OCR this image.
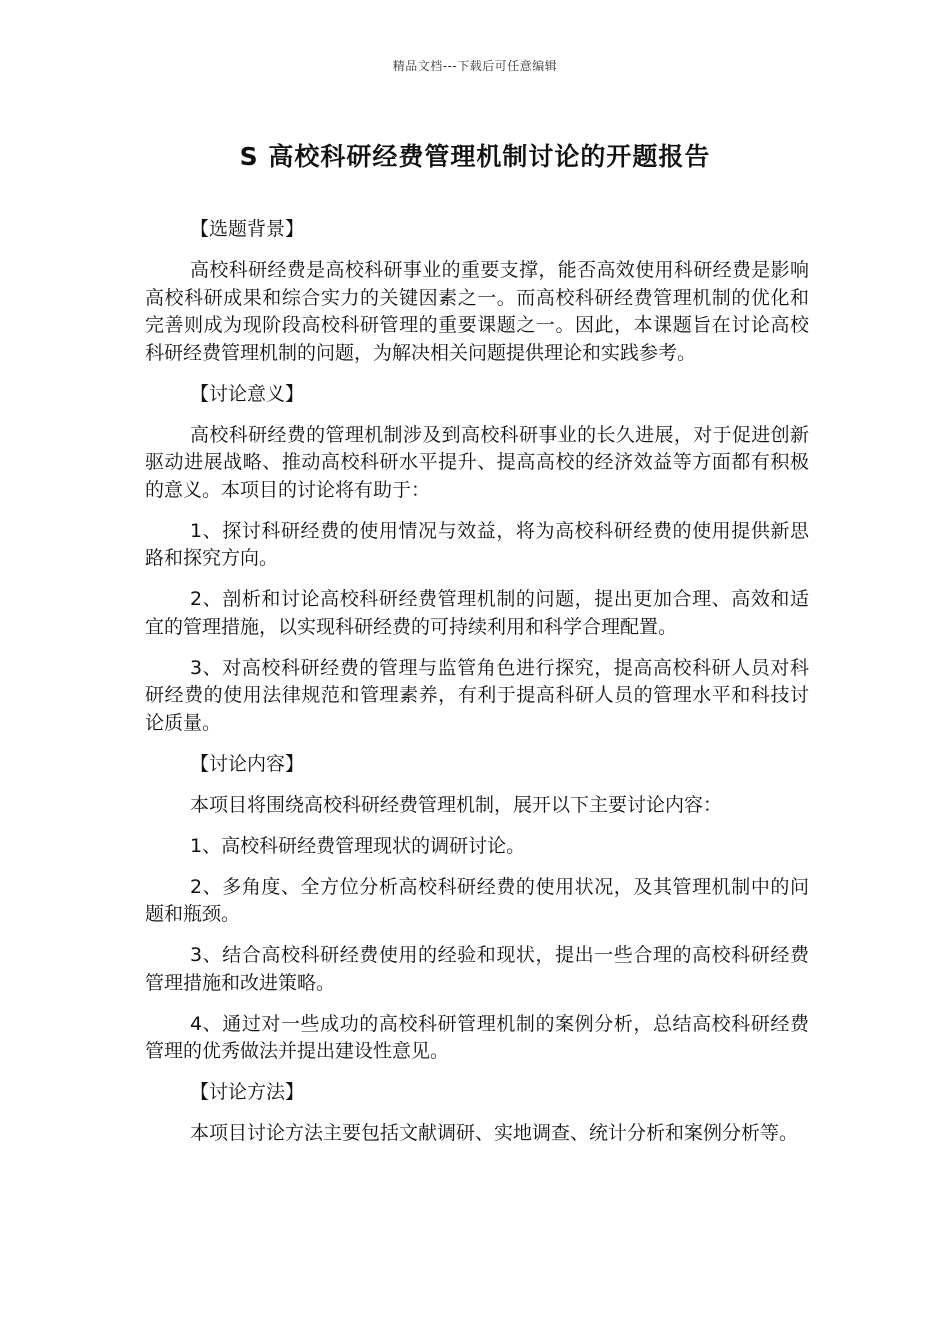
精品文档---下载后可任意编辑
S 高校科研经费管理机制讨论的开题报告
【选题背景】

高校科研经费是高校科研事业的重要支撑，能否高效使用科研经费是影响高校科研成果和综合实力的关键因素之一。而高校科研经费管理机制的优化和完善则成为现阶段高校科研管理的重要课题之一。因此，本课题旨在讨论高校科研经费管理机制的问题，为解决相关问题提供理论和实践参考。

【讨论意义】

高校科研经费的管理机制涉及到高校科研事业的长久进展，对于促进创新驱动进展战略、推动高校科研水平提升、提高高校的经济效益等方面都有积极的意义。本项目的讨论将有助于：

1、探讨科研经费的使用情况与效益，将为高校科研经费的使用提供新思路和探究方向。

2、剖析和讨论高校科研经费管理机制的问题，提出更加合理、高效和适宜的管理措施，以实现科研经费的可持续利用和科学合理配置。

3、对高校科研经费的管理与监管角色进行探究，提高高校科研人员对科研经费的使用法律规范和管理素养，有利于提高科研人员的管理水平和科技讨论质量。

【讨论内容】

本项目将围绕高校科研经费管理机制，展开以下主要讨论内容：

1、高校科研经费管理现状的调研讨论。

2、多角度、全方位分析高校科研经费的使用状况，及其管理机制中的问题和瓶颈。

3、结合高校科研经费使用的经验和现状，提出一些合理的高校科研经费管理措施和改进策略。

4、通过对一些成功的高校科研管理机制的案例分析，总结高校科研经费管理的优秀做法并提出建设性意见。

【讨论方法】

本项目讨论方法主要包括文献调研、实地调查、统计分析和案例分析等。
